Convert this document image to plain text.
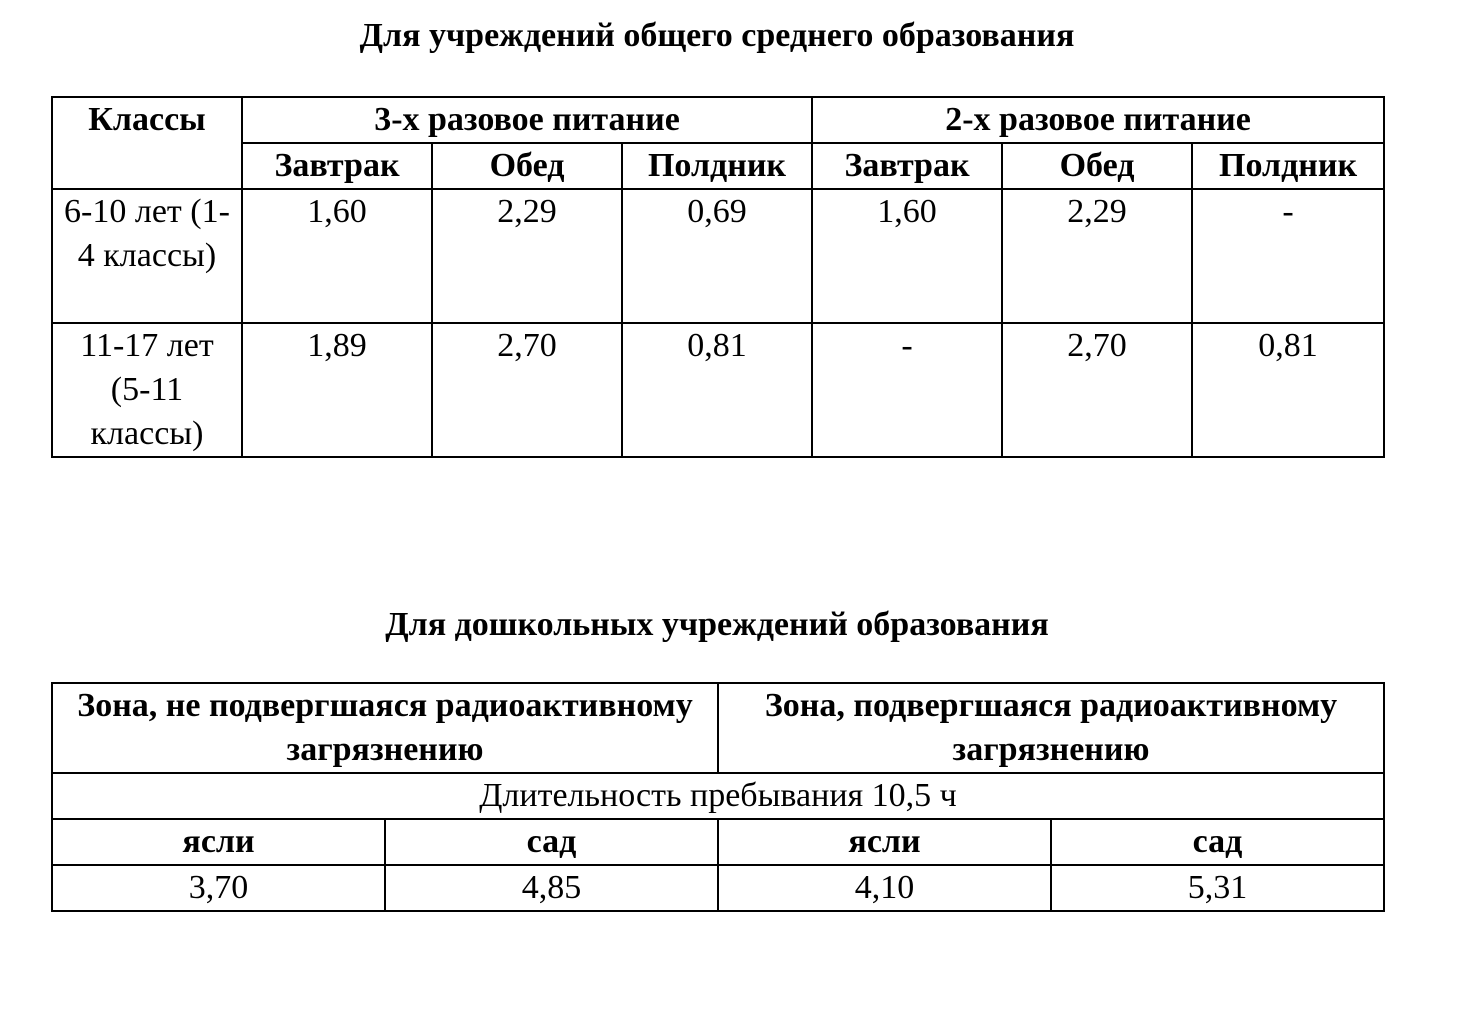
Для учреждений общего среднего образования
Классы	3-х разовое питание			2-х разовое питание		
	Завтрак	Обед	Полдник	Завтрак	Обед	Полдник
6-10 лет (1-4 классы)	1,60	2,29	0,69	1,60	2,29	-
11-17 лет (5-11 классы)	1,89	2,70	0,81	-	2,70	0,81
Для дошкольных учреждений образования
Зона, не подвергшаяся радиоактивному загрязнению		Зона, подвергшаяся радиоактивному загрязнению	
Длительность пребывания 10,5 ч			
ясли	сад	ясли	сад
3,70	4,85	4,10	5,31
